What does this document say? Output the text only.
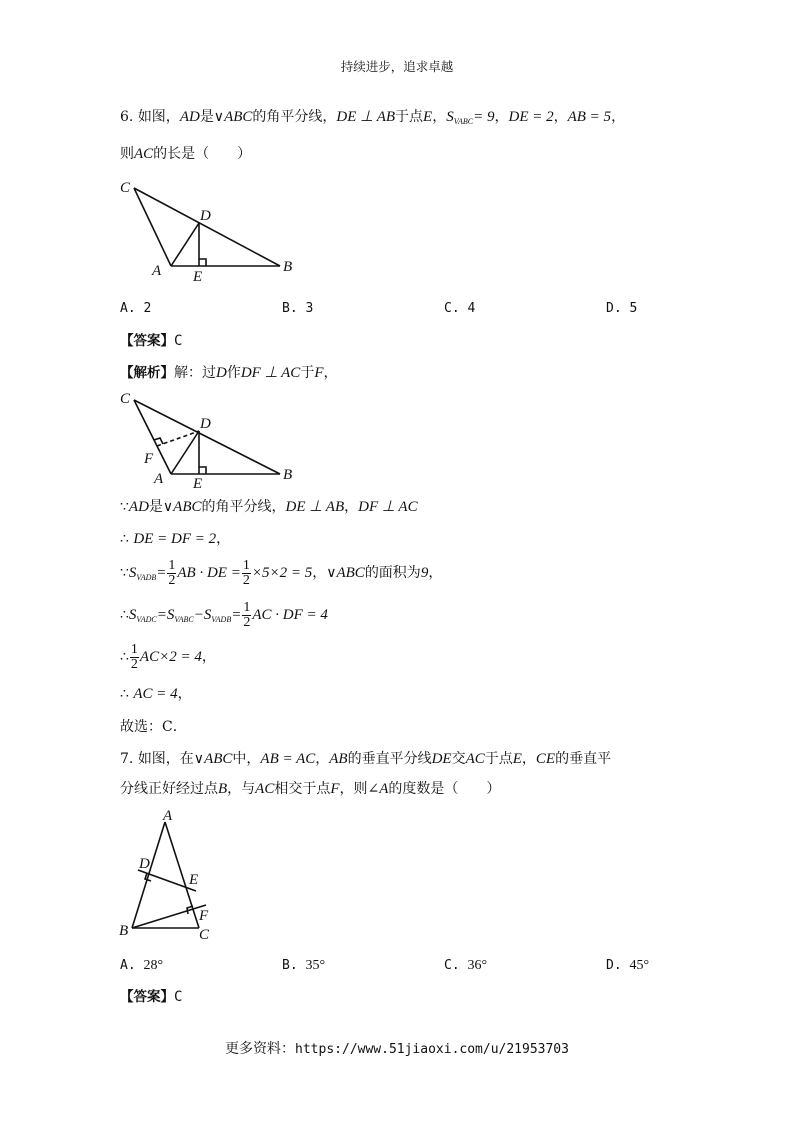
持续进步，追求卓越
6. 如图，AD是∨ABC的角平分线，DE ⊥ AB于点E，$S_{VABC}= 9$，DE = 2，AB = 5，
则AC的长是（　　）
C
D
A E
B
A. 2	B. 3	C. 4	D. 5
【答案】C
【解析】解：过D作DF ⊥ AC于F，
C
D
F
A E
B
∵AD是∨ABC的角平分线，DE ⊥ AB，DF ⊥ AC
∴ DE = DF = 2，
$\because S_{VADB}= \frac{1}{2}$ AB · DE = $\frac{1}{2} \times 5\times 2 = 5$，∨ABC的面积为9，
$\therefore S_{VADC}=S_{VABC}-S_{VADB}= \frac{1}{2}$ AC · DF = 4
∴ $\frac{1}{2} AC\times 2 = 4$，
∴ AC = 4，
故选：C．
7. 如图，在∨ABC中，AB = AC，AB的垂直平分线DE交AC于点E，CE的垂直平
分线正好经过点B，与AC相交于点F，则∠A的度数是（　　）
A
D
E
F
B	C
A. 28°	B. 35°	C. 36°	D. 45°
【答案】C
更多资料：https://www.51jiaoxi.com/u/21953703
